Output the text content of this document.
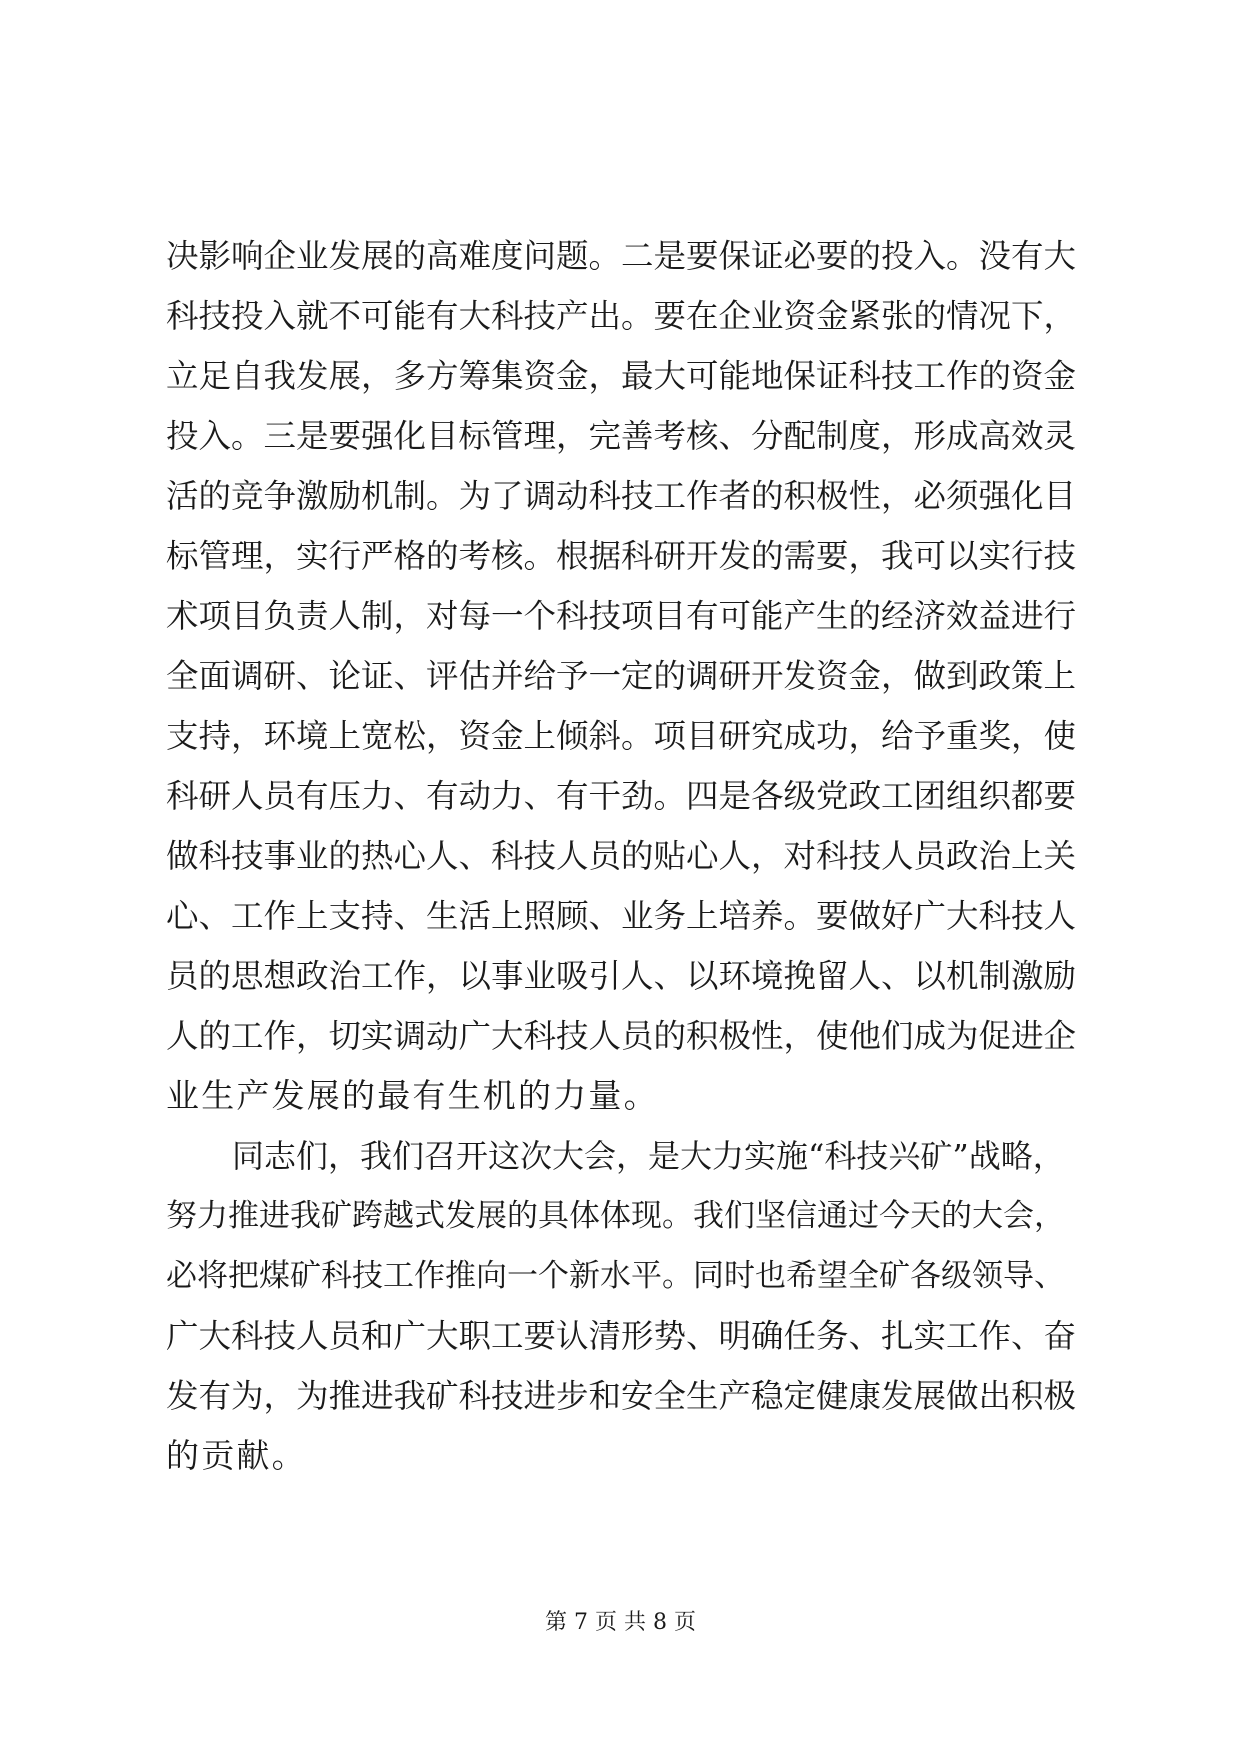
决影响企业发展的高难度问题。二是要保证必要的投入。没有大
科技投入就不可能有大科技产出。要在企业资金紧张的情况下，
立足自我发展，多方筹集资金，最大可能地保证科技工作的资金
投入。三是要强化目标管理，完善考核、分配制度，形成高效灵
活的竞争激励机制。为了调动科技工作者的积极性，必须强化目
标管理，实行严格的考核。根据科研开发的需要，我可以实行技
术项目负责人制，对每一个科技项目有可能产生的经济效益进行
全面调研、论证、评估并给予一定的调研开发资金，做到政策上
支持，环境上宽松，资金上倾斜。项目研究成功，给予重奖，使
科研人员有压力、有动力、有干劲。四是各级党政工团组织都要
做科技事业的热心人、科技人员的贴心人，对科技人员政治上关
心、工作上支持、生活上照顾、业务上培养。要做好广大科技人
员的思想政治工作，以事业吸引人、以环境挽留人、以机制激励
人的工作，切实调动广大科技人员的积极性，使他们成为促进企
业生产发展的最有生机的力量。
同志们，我们召开这次大会，是大力实施“科技兴矿”战略，
努力推进我矿跨越式发展的具体体现。我们坚信通过今天的大会，
必将把煤矿科技工作推向一个新水平。同时也希望全矿各级领导、
广大科技人员和广大职工要认清形势、明确任务、扎实工作、奋
发有为，为推进我矿科技进步和安全生产稳定健康发展做出积极
的贡献。
第 7 页 共 8 页
